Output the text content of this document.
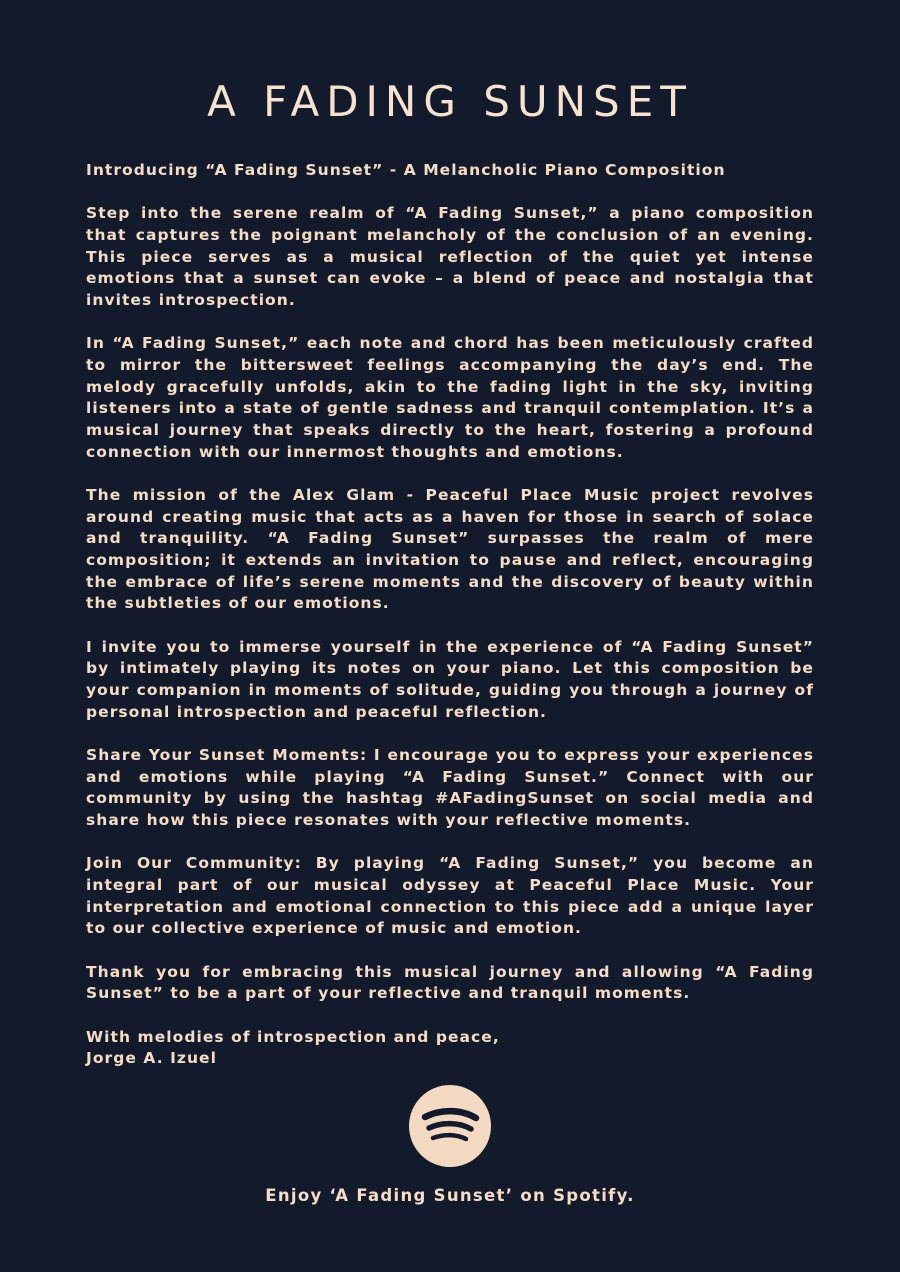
A FADING SUNSET

Introducing “A Fading Sunset” - A Melancholic Piano Composition

Step into the serene realm of “A Fading Sunset,” a piano composition that captures the poignant melancholy of the conclusion of an evening. This piece serves as a musical reflection of the quiet yet intense emotions that a sunset can evoke – a blend of peace and nostalgia that invites introspection.

In “A Fading Sunset,” each note and chord has been meticulously crafted to mirror the bittersweet feelings accompanying the day’s end. The melody gracefully unfolds, akin to the fading light in the sky, inviting listeners into a state of gentle sadness and tranquil contemplation. It’s a musical journey that speaks directly to the heart, fostering a profound connection with our innermost thoughts and emotions.

The mission of the Alex Glam - Peaceful Place Music project revolves around creating music that acts as a haven for those in search of solace and tranquility. “A Fading Sunset” surpasses the realm of mere composition; it extends an invitation to pause and reflect, encouraging the embrace of life’s serene moments and the discovery of beauty within the subtleties of our emotions.

I invite you to immerse yourself in the experience of “A Fading Sunset” by intimately playing its notes on your piano. Let this composition be your companion in moments of solitude, guiding you through a journey of personal introspection and peaceful reflection.

Share Your Sunset Moments: I encourage you to express your experiences and emotions while playing “A Fading Sunset.” Connect with our community by using the hashtag #AFadingSunset on social media and share how this piece resonates with your reflective moments.

Join Our Community: By playing “A Fading Sunset,” you become an integral part of our musical odyssey at Peaceful Place Music. Your interpretation and emotional connection to this piece add a unique layer to our collective experience of music and emotion.

Thank you for embracing this musical journey and allowing “A Fading Sunset” to be a part of your reflective and tranquil moments.

With melodies of introspection and peace,

Jorge A. Izuel

Enjoy ‘A Fading Sunset’ on Spotify.
